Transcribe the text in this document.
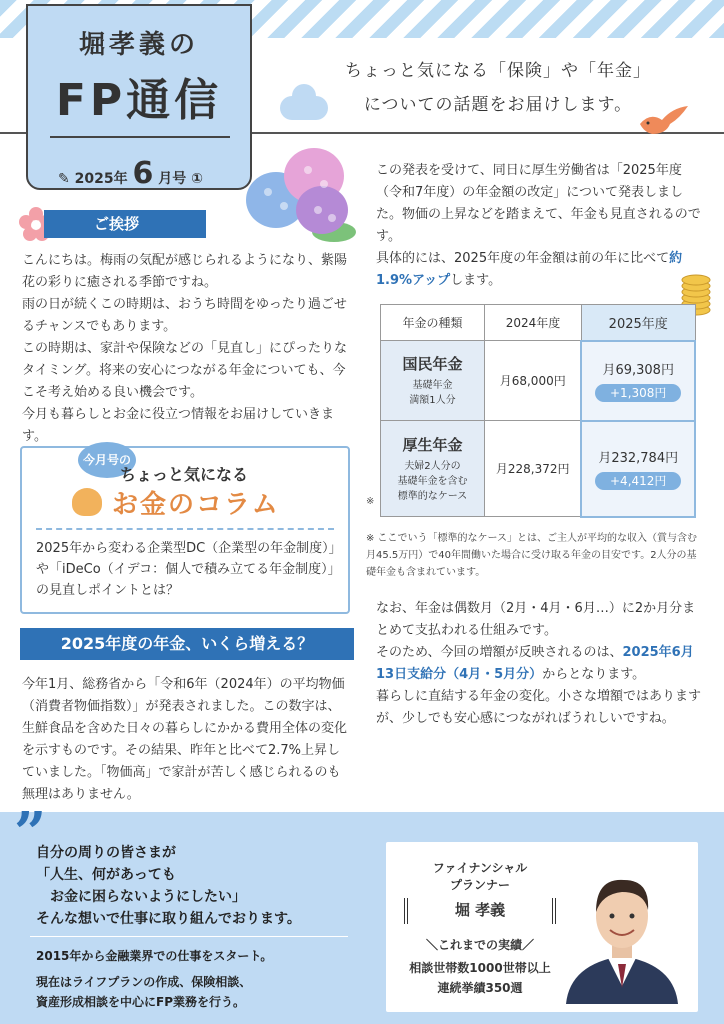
堀孝義の
FP通信
✎ 2025年 6 月号 ①
ちょっと気になる「保険」や「年金」
についての話題をお届けします。
ご挨拶
こんにちは。梅雨の気配が感じられるようになり、紫陽花の彩りに癒される季節ですね。
雨の日が続くこの時期は、おうち時間をゆったり過ごせるチャンスでもあります。
この時期は、家計や保険などの「見直し」にぴったりなタイミング。将来の安心につながる年金についても、今こそ考え始める良い機会です。
今月も暮らしとお金に役立つ情報をお届けしていきます。
今月号の
ちょっと気になる
お金のコラム
2025年から変わる企業型DC（企業型の年金制度）」や「iDeCo（イデコ：個人で積み立てる年金制度）」の見直しポイントとは？
2025年度の年金、いくら増える？
今年1月、総務省から「令和6年（2024年）の平均物価（消費者物価指数）」が発表されました。この数字は、生鮮食品を含めた日々の暮らしにかかる費用全体の変化を示すものです。その結果、昨年と比べて2.7%上昇していました。「物価高」で家計が苦しく感じられるのも無理はありません。
この発表を受けて、同日に厚生労働省は「2025年度（令和7年度）の年金額の改定」について発表しました。物価の上昇などを踏まえて、年金も見直されるのです。
具体的には、2025年度の年金額は前の年に比べて約1.9%アップします。
年金の種類	2024年度	2025年度

国民年金
基礎年金
満額1人分	月68,000円	月69,308円
+1,308円

厚生年金
夫婦2人分の
基礎年金を含む
標準的なケース	月228,372円	月232,784円
+4,412円
※
※ ここでいう「標準的なケース」とは、ご主人が平均的な収入（賞与含む月45.5万円）で40年間働いた場合に受け取る年金の目安です。2人分の基礎年金も含まれています。
なお、年金は偶数月（2月・4月・6月…）に2か月分まとめて支払われる仕組みです。
そのため、今回の増額が反映されるのは、2025年6月13日支給分（4月・5月分）からとなります。
暮らしに直結する年金の変化。小さな増額ではありますが、少しでも安心感につながればうれしいですね。
”
自分の周りの皆さまが
「人生、何があっても
　お金に困らないようにしたい」
そんな想いで仕事に取り組んでおります。
2015年から金融業界での仕事をスタート。
現在はライフプランの作成、保険相談、
資産形成相談を中心にFP業務を行う。
ファイナンシャル
プランナー
堀 孝義
＼これまでの実績／
相談世帯数1000世帯以上
連続挙績350週
